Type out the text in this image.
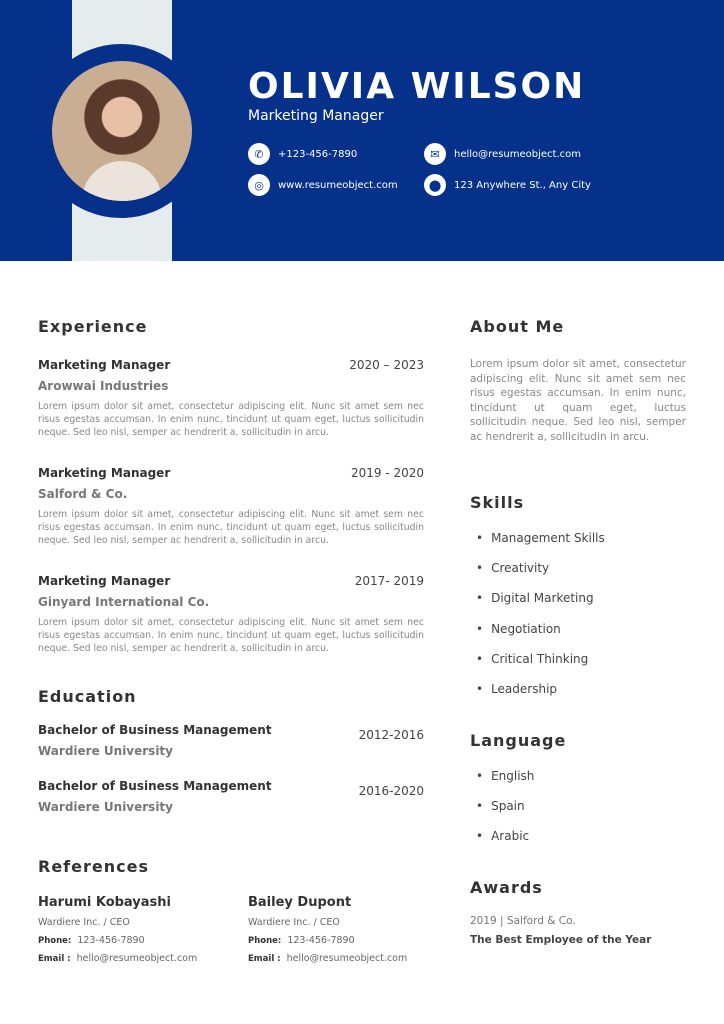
OLIVIA WILSON
Marketing Manager
✆	+123-456-7890	✉	hello@resumeobject.com
◎	www.resumeobject.com	⬤	123 Anywhere St., Any City
Experience
Marketing Manager	2020 – 2023
Arowwai Industries
Lorem ipsum dolor sit amet, consectetur adipiscing elit. Nunc sit amet sem nec risus egestas accumsan. In enim nunc, tincidunt ut quam eget, luctus sollicitudin neque. Sed leo nisl, semper ac hendrerit a, sollicitudin in arcu.
Marketing Manager	2019 - 2020
Salford & Co.
Lorem ipsum dolor sit amet, consectetur adipiscing elit. Nunc sit amet sem nec risus egestas accumsan. In enim nunc, tincidunt ut quam eget, luctus sollicitudin neque. Sed leo nisl, semper ac hendrerit a, sollicitudin in arcu.
Marketing Manager	2017- 2019
Ginyard International Co.
Lorem ipsum dolor sit amet, consectetur adipiscing elit. Nunc sit amet sem nec risus egestas accumsan. In enim nunc, tincidunt ut quam eget, luctus sollicitudin neque. Sed leo nisl, semper ac hendrerit a, sollicitudin in arcu.
Education
Bachelor of Business Management	2012-2016
Wardiere University
Bachelor of Business Management	2016-2020
Wardiere University
References
Harumi Kobayashi
Wardiere Inc. / CEO
Phone: 123-456-7890
Email : hello@resumeobject.com
Bailey Dupont
Wardiere Inc. / CEO
Phone: 123-456-7890
Email : hello@resumeobject.com
About Me
Lorem ipsum dolor sit amet, consectetur adipiscing elit. Nunc sit amet sem nec risus egestas accumsan. In enim nunc, tincidunt ut quam eget, luctus sollicitudin neque. Sed leo nisl, semper ac hendrerit a, sollicitudin in arcu.
Skills
• Management Skills
• Creativity
• Digital Marketing
• Negotiation
• Critical Thinking
• Leadership
Language
• English
• Spain
• Arabic
Awards
2019 | Salford & Co.
The Best Employee of the Year
